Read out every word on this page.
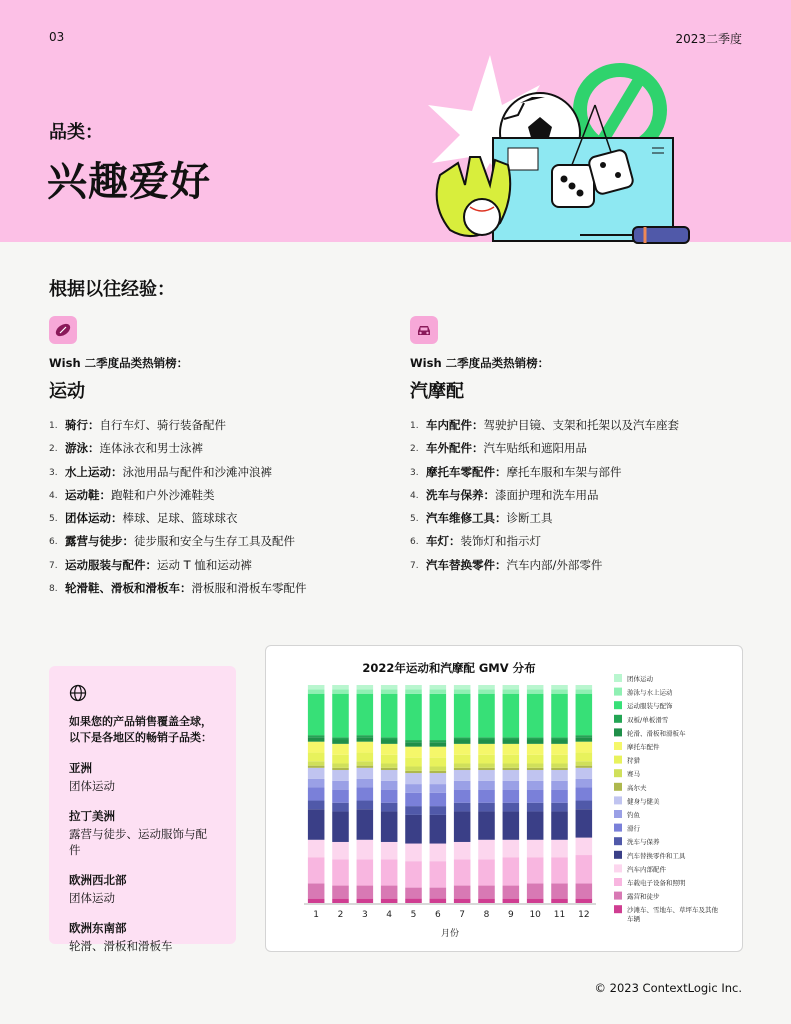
03	2023二季度
品类：
兴趣爱好
根据以往经验：
Wish 二季度品类热销榜：
运动
1. 骑行： 自行车灯、骑行装备配件
2. 游泳： 连体泳衣和男士泳裤
3. 水上运动： 泳池用品与配件和沙滩冲浪裤
4. 运动鞋： 跑鞋和户外沙滩鞋类
5. 团体运动： 棒球、足球、篮球球衣
6. 露营与徒步： 徒步服和安全与生存工具及配件
7. 运动服装与配件： 运动 T 恤和运动裤
8. 轮滑鞋、滑板和滑板车： 滑板服和滑板车零配件
Wish 二季度品类热销榜：
汽摩配
1. 车内配件： 驾驶护目镜、支架和托架以及汽车座套
2. 车外配件： 汽车贴纸和遮阳用品
3. 摩托车零配件： 摩托车服和车架与部件
4. 洗车与保养： 漆面护理和洗车用品
5. 汽车维修工具： 诊断工具
6. 车灯： 装饰灯和指示灯
7. 汽车替换零件： 汽车内部/外部零件
如果您的产品销售覆盖全球，以下是各地区的畅销子品类：
亚洲
团体运动
拉丁美洲
露营与徒步、运动服饰与配件
欧洲西北部
团体运动
欧洲东南部
轮滑、滑板和滑板车
2022年运动和汽摩配 GMV 分布
1 2 3 4 5 6 7 8 9 10 11 12
月份
团体运动
游泳与水上运动
运动服装与配饰
双板/单板滑雪
轮滑、滑板和滑板车
摩托车配件
狩猎
赛马
高尔夫
健身与健美
钓鱼
滑行
洗车与保养
汽车替换零件和工具
汽车内部配件
车载电子设备和照明
露营和徒步
沙滩车、雪地车、草坪车及其他
车辆
© 2023 ContextLogic Inc.
